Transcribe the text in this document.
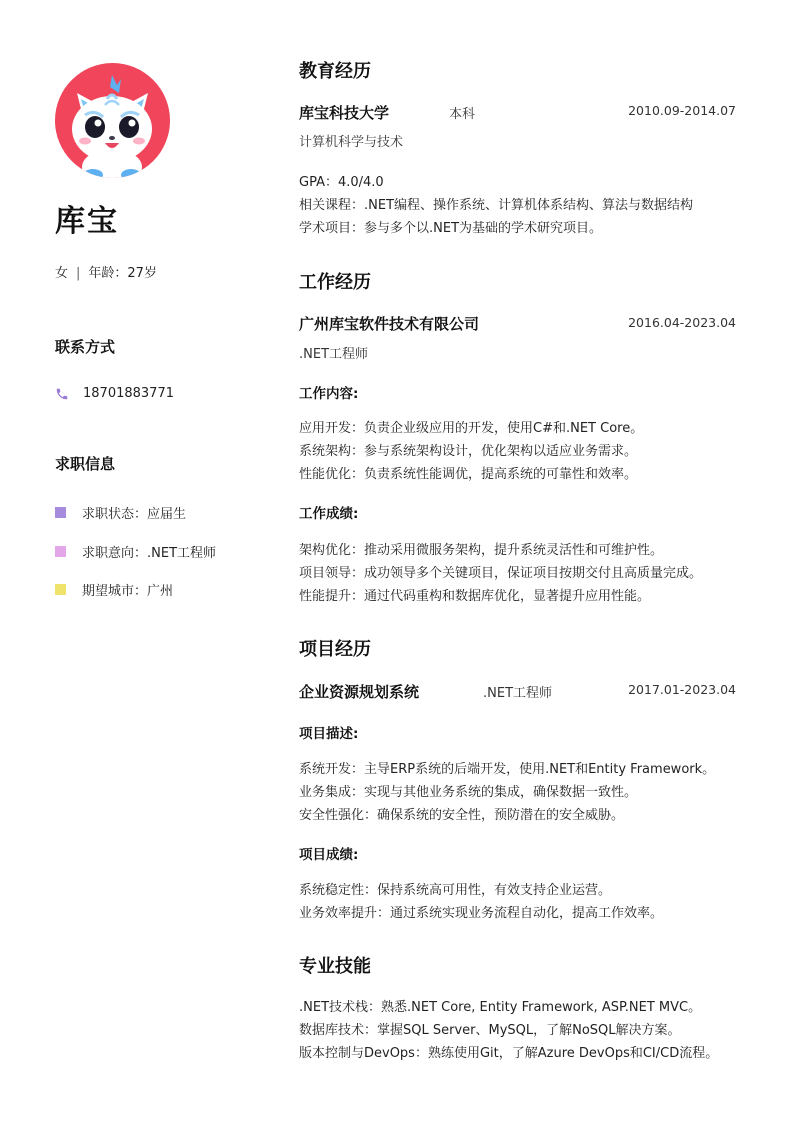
库宝
女 | 年龄：27岁
联系方式
18701883771
求职信息
求职状态：应届生
求职意向：.NET工程师
期望城市：广州
教育经历
库宝科技大学	本科	2010.09-2014.07
计算机科学与技术
GPA：4.0/4.0
相关课程：.NET编程、操作系统、计算机体系结构、算法与数据结构
学术项目：参与多个以.NET为基础的学术研究项目。
工作经历
广州库宝软件技术有限公司	2016.04-2023.04
.NET工程师
工作内容:
应用开发：负责企业级应用的开发，使用C#和.NET Core。
系统架构：参与系统架构设计，优化架构以适应业务需求。
性能优化：负责系统性能调优，提高系统的可靠性和效率。
工作成绩:
架构优化：推动采用微服务架构，提升系统灵活性和可维护性。
项目领导：成功领导多个关键项目，保证项目按期交付且高质量完成。
性能提升：通过代码重构和数据库优化，显著提升应用性能。
项目经历
企业资源规划系统	.NET工程师	2017.01-2023.04
项目描述:
系统开发：主导ERP系统的后端开发，使用.NET和Entity Framework。
业务集成：实现与其他业务系统的集成，确保数据一致性。
安全性强化：确保系统的安全性，预防潜在的安全威胁。
项目成绩:
系统稳定性：保持系统高可用性，有效支持企业运营。
业务效率提升：通过系统实现业务流程自动化，提高工作效率。
专业技能
.NET技术栈：熟悉.NET Core, Entity Framework, ASP.NET MVC。
数据库技术：掌握SQL Server、MySQL，了解NoSQL解决方案。
版本控制与DevOps：熟练使用Git，了解Azure DevOps和CI/CD流程。
